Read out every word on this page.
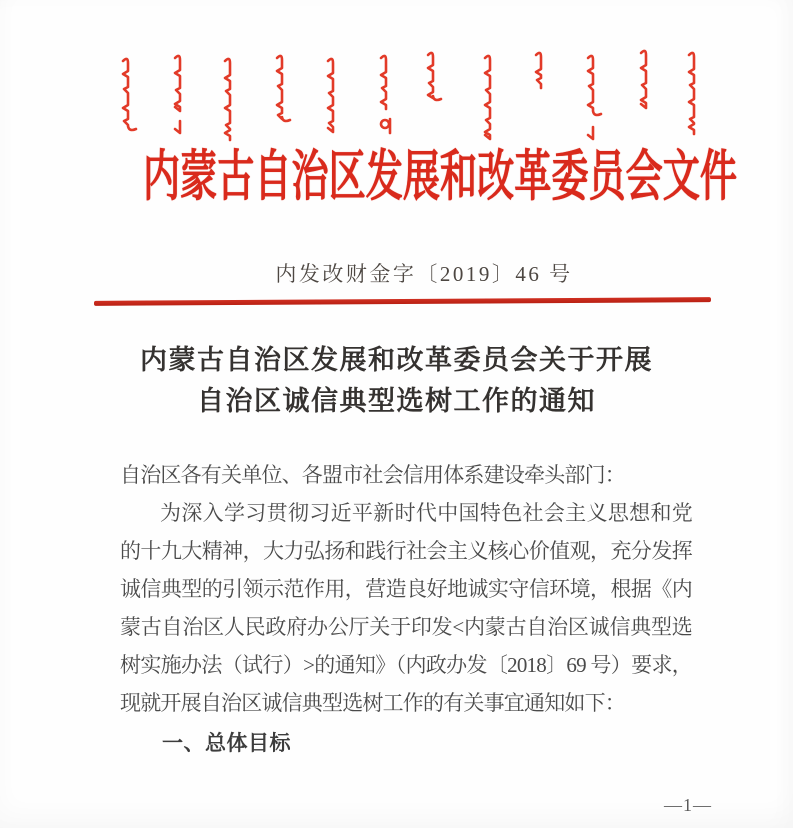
内蒙古自治区发展和改革委员会文件
内发改财金字〔2019〕46 号
内蒙古自治区发展和改革委员会关于开展
自治区诚信典型选树工作的通知
自治区各有关单位、各盟市社会信用体系建设牵头部门：
为深入学习贯彻习近平新时代中国特色社会主义思想和党
的十九大精神，大力弘扬和践行社会主义核心价值观，充分发挥
诚信典型的引领示范作用，营造良好地诚实守信环境，根据《内
蒙古自治区人民政府办公厅关于印发<内蒙古自治区诚信典型选
树实施办法（试行）>的通知》（内政办发〔2018〕69 号）要求，
现就开展自治区诚信典型选树工作的有关事宜通知如下：
一、总体目标
—1—
